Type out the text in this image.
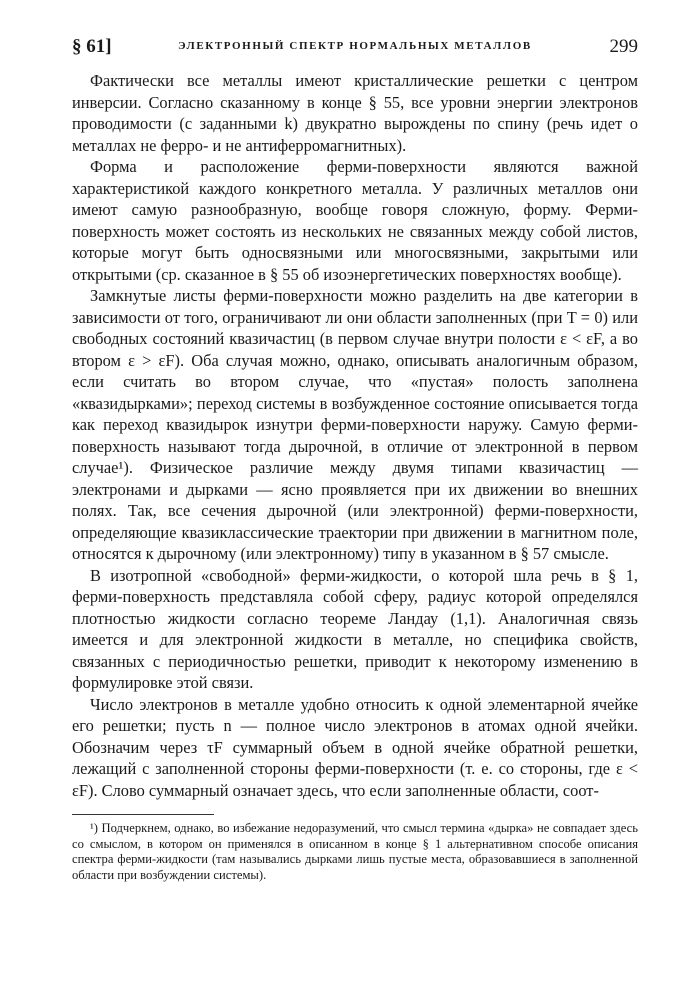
§ 61]	ЭЛЕКТРОННЫЙ СПЕКТР НОРМАЛЬНЫХ МЕТАЛЛОВ	299

Фактически все металлы имеют кристаллические решетки с центром инверсии. Согласно сказанному в конце § 55, все уровни энергии электронов проводимости (с заданными k) двукратно вырождены по спину (речь идет о металлах не ферро- и не антиферромагнитных).

Форма и расположение ферми-поверхности являются важной характеристикой каждого конкретного металла. У различных металлов они имеют самую разнообразную, вообще говоря сложную, форму. Ферми-поверхность может состоять из нескольких не связанных между собой листов, которые могут быть односвязными или многосвязными, закрытыми или открытыми (ср. сказанное в § 55 об изоэнергетических поверхностях вообще).

Замкнутые листы ферми-поверхности можно разделить на две категории в зависимости от того, ограничивают ли они области заполненных (при T = 0) или свободных состояний квазичастиц (в первом случае внутри полости ε < εF, а во втором ε > εF). Оба случая можно, однако, описывать аналогичным образом, если считать во втором случае, что «пустая» полость заполнена «квазидырками»; переход системы в возбужденное состояние описывается тогда как переход квазидырок изнутри ферми-поверхности наружу. Самую ферми-поверхность называют тогда дырочной, в отличие от электронной в первом случае¹). Физическое различие между двумя типами квазичастиц — электронами и дырками — ясно проявляется при их движении во внешних полях. Так, все сечения дырочной (или электронной) ферми-поверхности, определяющие квазиклассические траектории при движении в магнитном поле, относятся к дырочному (или электронному) типу в указанном в § 57 смысле.

В изотропной «свободной» ферми-жидкости, о которой шла речь в § 1, ферми-поверхность представляла собой сферу, радиус которой определялся плотностью жидкости согласно теореме Ландау (1,1). Аналогичная связь имеется и для электронной жидкости в металле, но специфика свойств, связанных с периодичностью решетки, приводит к некоторому изменению в формулировке этой связи.

Число электронов в металле удобно относить к одной элементарной ячейке его решетки; пусть n — полное число электронов в атомах одной ячейки. Обозначим через τF суммарный объем в одной ячейке обратной решетки, лежащий с заполненной стороны ферми-поверхности (т. е. со стороны, где ε < εF). Слово суммарный означает здесь, что если заполненные области, сoот-

¹) Подчеркнем, однако, во избежание недоразумений, что смысл термина «дырка» не совпадает здесь со смыслом, в котором он применялся в описанном в конце § 1 альтернативном способе описания спектра ферми-жидкости (там назывались дырками лишь пустые места, образовавшиеся в заполненной области при возбуждении системы).
